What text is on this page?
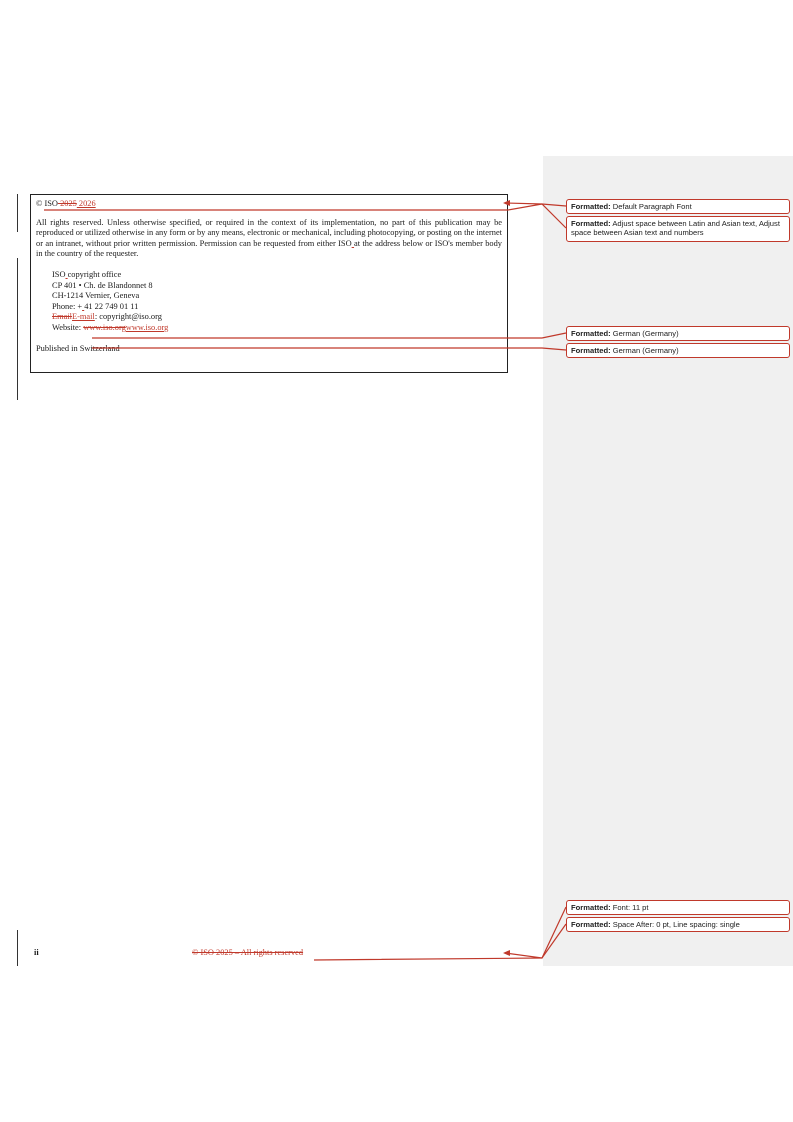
© ISO 2025 2026

All rights reserved. Unless otherwise specified, or required in the context of its implementation, no part of this publication may be reproduced or utilized otherwise in any form or by any means, electronic or mechanical, including photocopying, or posting on the internet or an intranet, without prior written permission. Permission can be requested from either ISO at the address below or ISO's member body in the country of the requester.

ISO copyright office
CP 401 • Ch. de Blandonnet 8
CH-1214 Vernier, Geneva
Phone: + 41 22 749 01 11
EmailE-mail: copyright@iso.org
Website: www.iso.orgwww.iso.org

Published in Switzerland

ii	© ISO 2025 – All rights reserved
Formatted: Default Paragraph Font
Formatted: Adjust space between Latin and Asian text, Adjust space between Asian text and numbers
Formatted: German (Germany)
Formatted: German (Germany)
Formatted: Font: 11 pt
Formatted: Space After: 0 pt, Line spacing: single
